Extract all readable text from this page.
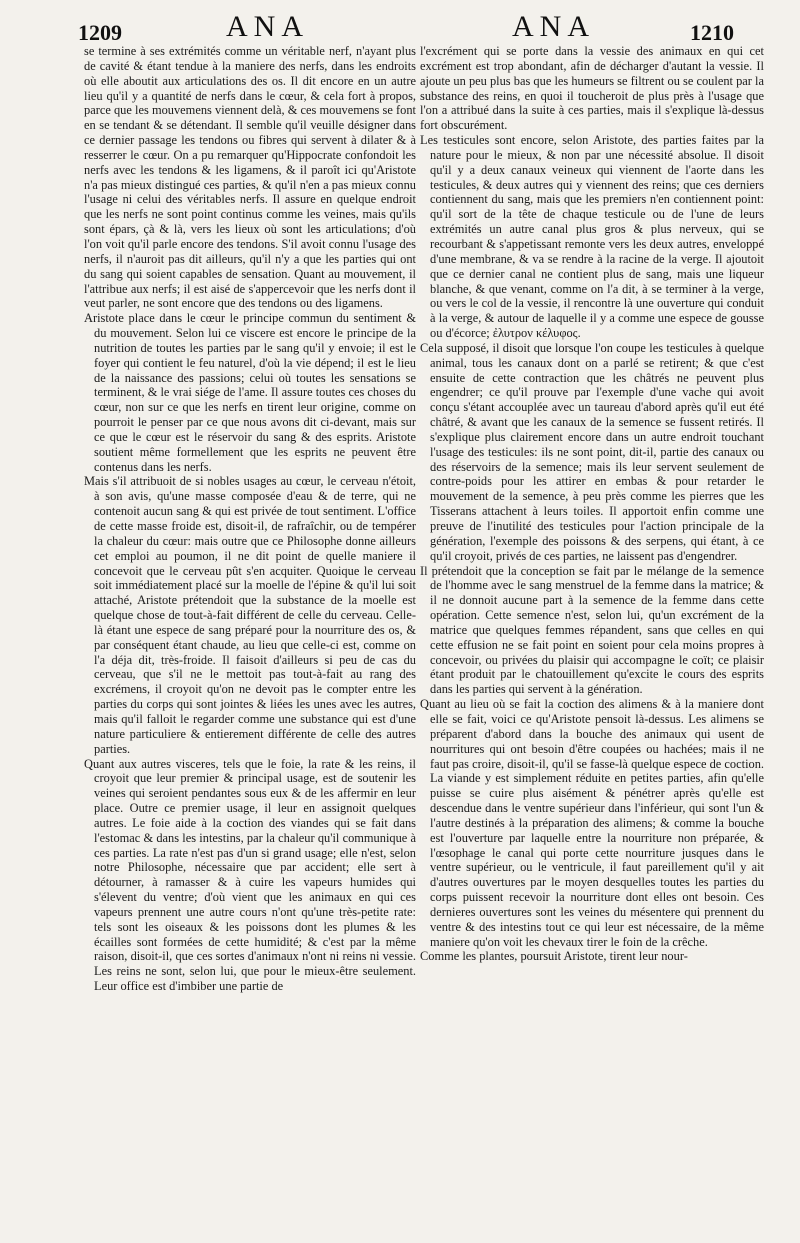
1209	ANA	ANA	1210

se termine à ses extrémités comme un véritable nerf, n'ayant plus de cavité & étant tendue à la maniere des nerfs, dans les endroits où elle aboutit aux articulations des os. Il dit encore en un autre lieu qu'il y a quantité de nerfs dans le cœur, & cela fort à propos, parce que les mouvemens viennent delà, & ces mouvemens se font en se tendant & se détendant. Il semble qu'il veuille désigner dans ce dernier passage les tendons ou fibres qui servent à dilater & à resserrer le cœur. On a pu remarquer qu'Hippocrate confondoit les nerfs avec les tendons & les ligamens, & il paroît ici qu'Aristote n'a pas mieux distingué ces parties, & qu'il n'en a pas mieux connu l'usage ni celui des véritables nerfs. Il assure en quelque endroit que les nerfs ne sont point continus comme les veines, mais qu'ils sont épars, çà & là, vers les lieux où sont les articulations; d'où l'on voit qu'il parle encore des tendons. S'il avoit connu l'usage des nerfs, il n'auroit pas dit ailleurs, qu'il n'y a que les parties qui ont du sang qui soient capables de sensation. Quant au mouvement, il l'attribue aux nerfs; il est aisé de s'appercevoir que les nerfs dont il veut parler, ne sont encore que des tendons ou des ligamens.

Aristote place dans le cœur le principe commun du sentiment & du mouvement. Selon lui ce viscere est encore le principe de la nutrition de toutes les parties par le sang qu'il y envoie; il est le foyer qui contient le feu naturel, d'où la vie dépend; il est le lieu de la naissance des passions; celui où toutes les sensations se terminent, & le vrai siége de l'ame. Il assure toutes ces choses du cœur, non sur ce que les nerfs en tirent leur origine, comme on pourroit le penser par ce que nous avons dit ci-devant, mais sur ce que le cœur est le réservoir du sang & des esprits. Aristote soutient même formellement que les esprits ne peuvent être contenus dans les nerfs.

Mais s'il attribuoit de si nobles usages au cœur, le cerveau n'étoit, à son avis, qu'une masse composée d'eau & de terre, qui ne contenoit aucun sang & qui est privée de tout sentiment. L'office de cette masse froide est, disoit-il, de rafraîchir, ou de tempérer la chaleur du cœur: mais outre que ce Philosophe donne ailleurs cet emploi au poumon, il ne dit point de quelle maniere il concevoit que le cerveau pût s'en acquiter. Quoique le cerveau soit immédiatement placé sur la moelle de l'épine & qu'il lui soit attaché, Aristote prétendoit que la substance de la moelle est quelque chose de tout-à-fait différent de celle du cerveau. Celle-là étant une espece de sang préparé pour la nourriture des os, & par conséquent étant chaude, au lieu que celle-ci est, comme on l'a déja dit, très-froide. Il faisoit d'ailleurs si peu de cas du cerveau, que s'il ne le mettoit pas tout-à-fait au rang des excrémens, il croyoit qu'on ne devoit pas le compter entre les parties du corps qui sont jointes & liées les unes avec les autres, mais qu'il falloit le regarder comme une substance qui est d'une nature particuliere & entierement différente de celle des autres parties.

Quant aux autres visceres, tels que le foie, la rate & les reins, il croyoit que leur premier & principal usage, est de soutenir les veines qui seroient pendantes sous eux & de les affermir en leur place. Outre ce premier usage, il leur en assignoit quelques autres. Le foie aide à la coction des viandes qui se fait dans l'estomac & dans les intestins, par la chaleur qu'il communique à ces parties. La rate n'est pas d'un si grand usage; elle n'est, selon notre Philosophe, nécessaire que par accident; elle sert à détourner, à ramasser & à cuire les vapeurs humides qui s'élevent du ventre; d'où vient que les animaux en qui ces vapeurs prennent une autre cours n'ont qu'une très-petite rate: tels sont les oiseaux & les poissons dont les plumes & les écailles sont formées de cette humidité; & c'est par la même raison, disoit-il, que ces sortes d'animaux n'ont ni reins ni vessie. Les reins ne sont, selon lui, que pour le mieux-être seulement. Leur office est d'imbiber une partie de

l'excrément qui se porte dans la vessie des animaux en qui cet excrément est trop abondant, afin de décharger d'autant la vessie. Il ajoute un peu plus bas que les humeurs se filtrent ou se coulent par la substance des reins, en quoi il toucheroit de plus près à l'usage que l'on a attribué dans la suite à ces parties, mais il s'explique là-dessus fort obscurément.

Les testicules sont encore, selon Aristote, des parties faites par la nature pour le mieux, & non par une nécessité absolue. Il disoit qu'il y a deux canaux veineux qui viennent de l'aorte dans les testicules, & deux autres qui y viennent des reins; que ces derniers contiennent du sang, mais que les premiers n'en contiennent point: qu'il sort de la tête de chaque testicule ou de l'une de leurs extrémités un autre canal plus gros & plus nerveux, qui se recourbant & s'appetissant remonte vers les deux autres, enveloppé d'une membrane, & va se rendre à la racine de la verge. Il ajoutoit que ce dernier canal ne contient plus de sang, mais une liqueur blanche, & que venant, comme on l'a dit, à se terminer à la verge, ou vers le col de la vessie, il rencontre là une ouverture qui conduit à la verge, & autour de laquelle il y a comme une espece de gousse ou d'écorce; ἐλυτρον κέλυφος.

Cela supposé, il disoit que lorsque l'on coupe les testicules à quelque animal, tous les canaux dont on a parlé se retirent; & que c'est ensuite de cette contraction que les châtrés ne peuvent plus engendrer; ce qu'il prouve par l'exemple d'une vache qui avoit conçu s'étant accouplée avec un taureau d'abord après qu'il eut été châtré, & avant que les canaux de la semence se fussent retirés. Il s'explique plus clairement encore dans un autre endroit touchant l'usage des testicules: ils ne sont point, dit-il, partie des canaux ou des réservoirs de la semence; mais ils leur servent seulement de contre-poids pour les attirer en embas & pour retarder le mouvement de la semence, à peu près comme les pierres que les Tisserans attachent à leurs toiles. Il apportoit enfin comme une preuve de l'inutilité des testicules pour l'action principale de la génération, l'exemple des poissons & des serpens, qui étant, à ce qu'il croyoit, privés de ces parties, ne laissent pas d'engendrer.

Il prétendoit que la conception se fait par le mélange de la semence de l'homme avec le sang menstruel de la femme dans la matrice; & il ne donnoit aucune part à la semence de la femme dans cette opération. Cette semence n'est, selon lui, qu'un excrément de la matrice que quelques femmes répandent, sans que celles en qui cette effusion ne se fait point en soient pour cela moins propres à concevoir, ou privées du plaisir qui accompagne le coït; ce plaisir étant produit par le chatouillement qu'excite le cours des esprits dans les parties qui servent à la génération.

Quant au lieu où se fait la coction des alimens & à la maniere dont elle se fait, voici ce qu'Aristote pensoit là-dessus. Les alimens se préparent d'abord dans la bouche des animaux qui usent de nourritures qui ont besoin d'être coupées ou hachées; mais il ne faut pas croire, disoit-il, qu'il se fasse-là quelque espece de coction. La viande y est simplement réduite en petites parties, afin qu'elle puisse se cuire plus aisément & pénétrer après qu'elle est descendue dans le ventre supérieur dans l'inférieur, qui sont l'un & l'autre destinés à la préparation des alimens; & comme la bouche est l'ouverture par laquelle entre la nourriture non préparée, & l'œsophage le canal qui porte cette nourriture jusques dans le ventre supérieur, ou le ventricule, il faut pareillement qu'il y ait d'autres ouvertures par le moyen desquelles toutes les parties du corps puissent recevoir la nourriture dont elles ont besoin. Ces dernieres ouvertures sont les veines du mésentere qui prennent du ventre & des intestins tout ce qui leur est nécessaire, de la même maniere qu'on voit les chevaux tirer le foin de la crêche.

Comme les plantes, poursuit Aristote, tirent leur nour-
